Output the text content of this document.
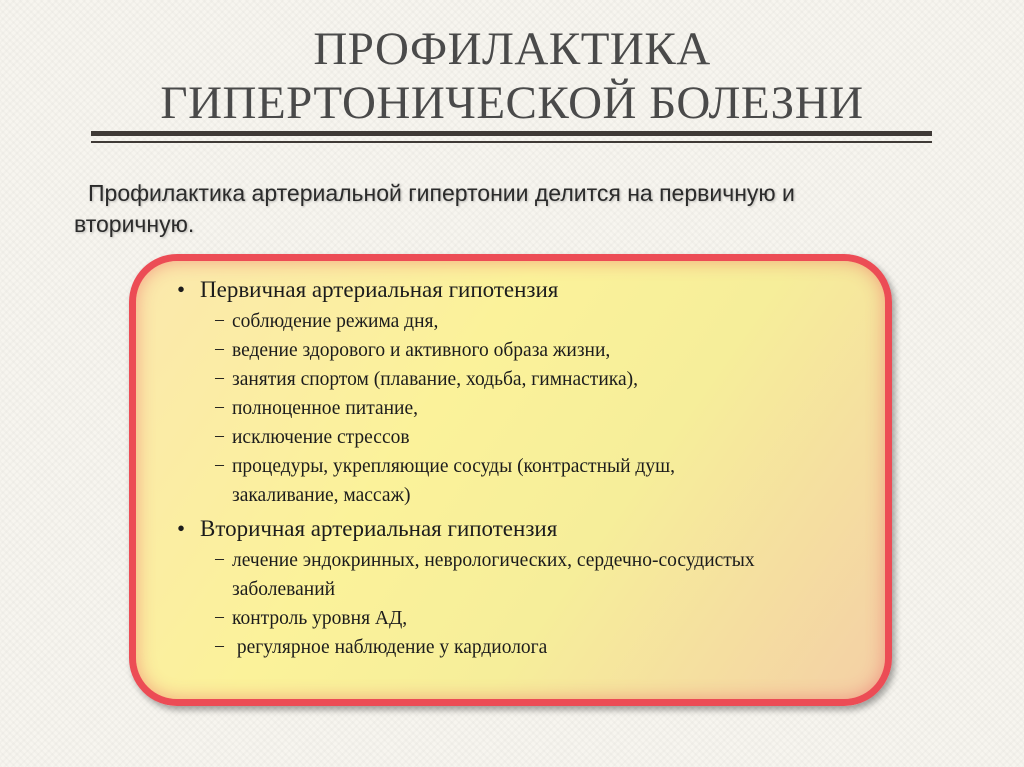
ПРОФИЛАКТИКА
ГИПЕРТОНИЧЕСКОЙ БОЛЕЗНИ
Профилактика артериальной гипертонии делится на первичную и
вторичную.
• Первичная артериальная гипотензия
− соблюдение режима дня,
− ведение здорового и активного образа жизни,
− занятия спортом (плавание, ходьба, гимнастика),
− полноценное питание,
− исключение стрессов
− процедуры, укрепляющие сосуды (контрастный душ,
закаливание, массаж)
• Вторичная артериальная гипотензия
− лечение эндокринных, неврологических, сердечно-сосудистых
заболеваний
− контроль уровня АД,
− регулярное наблюдение у кардиолога
